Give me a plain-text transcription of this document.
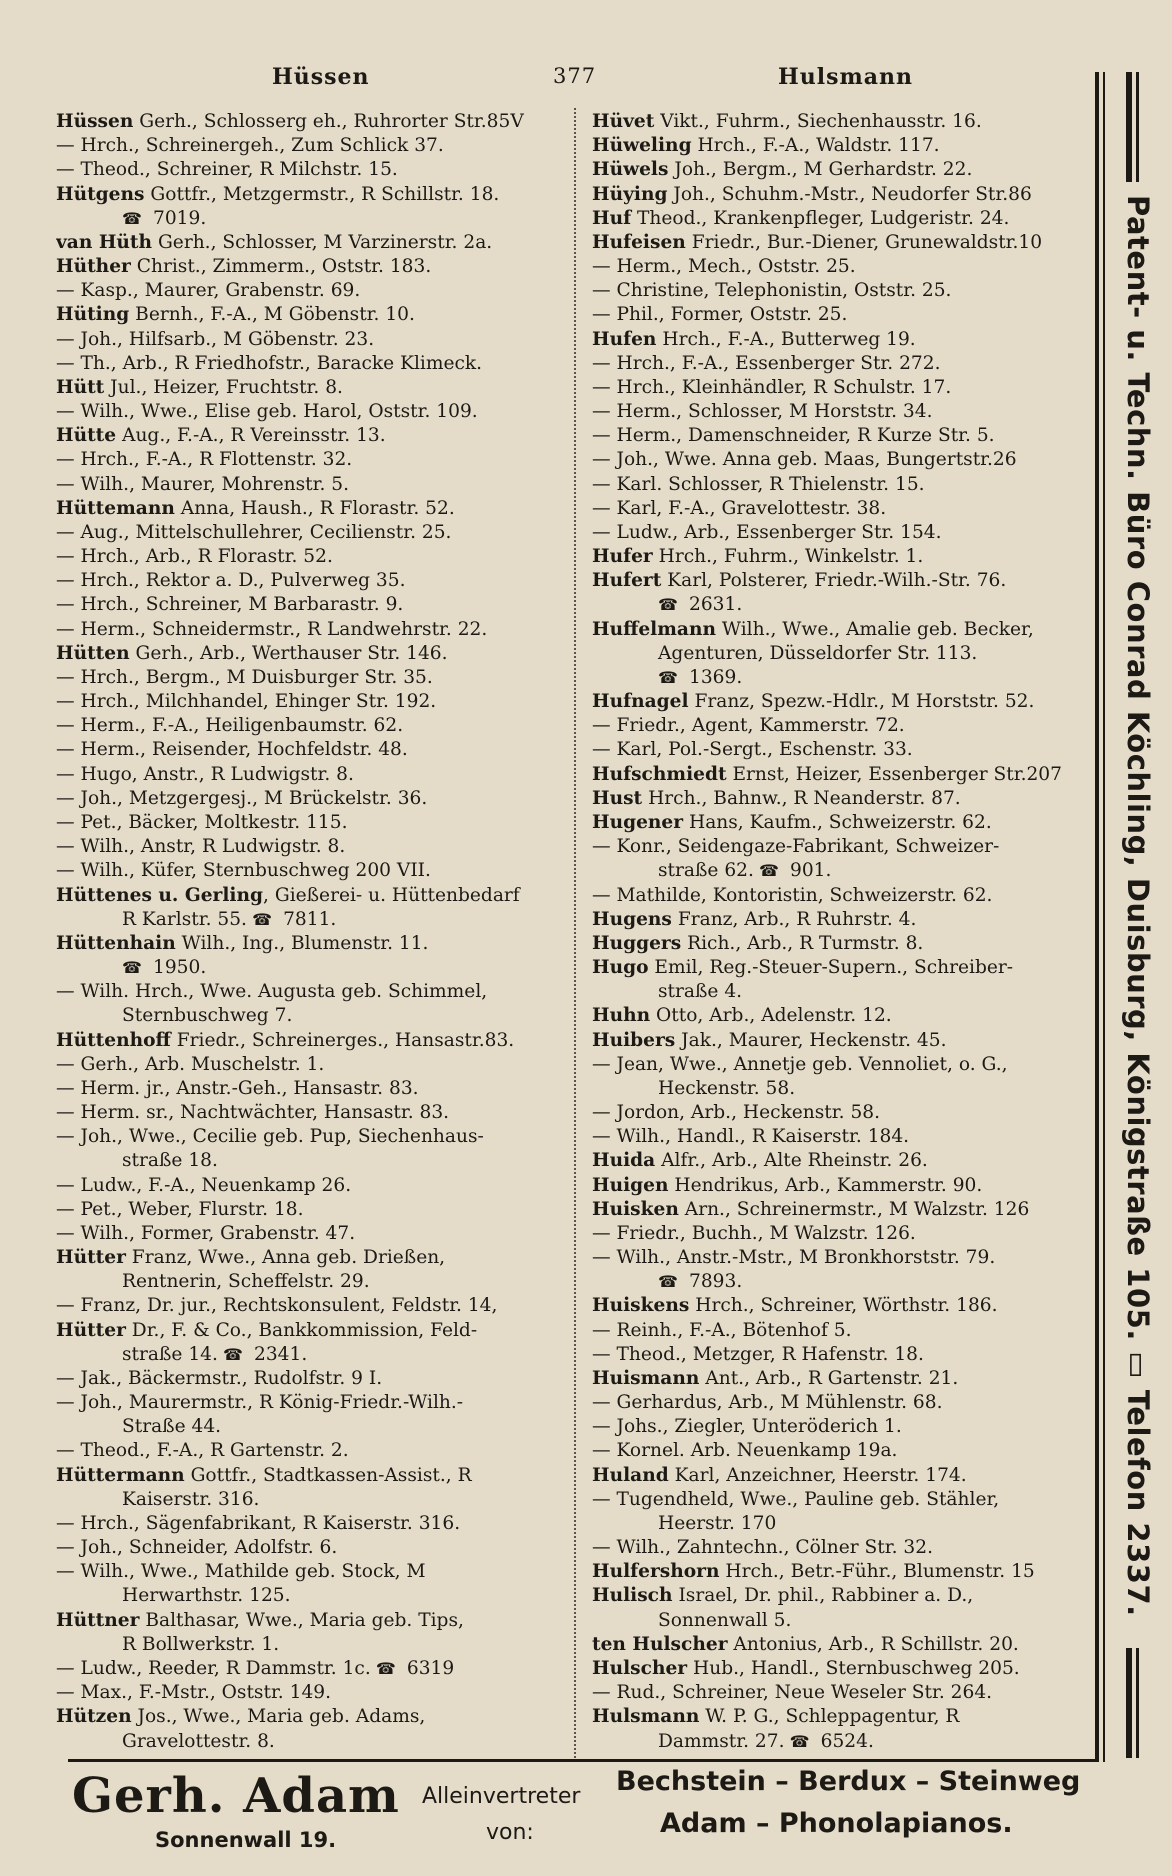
Hüssen	377	Hulsmann
Hüssen Gerh., Schlosserg eh., Ruhrorter Str.85V
— Hrch., Schreinergeh., Zum Schlick 37.
— Theod., Schreiner, R Milchstr. 15.
Hütgens Gottfr., Metzgermstr., R Schillstr. 18.
☎ 7019.
van Hüth Gerh., Schlosser, M Varzinerstr. 2a.
Hüther Christ., Zimmerm., Oststr. 183.
— Kasp., Maurer, Grabenstr. 69.
Hüting Bernh., F.-A., M Göbenstr. 10.
— Joh., Hilfsarb., M Göbenstr. 23.
— Th., Arb., R Friedhofstr., Baracke Klimeck.
Hütt Jul., Heizer, Fruchtstr. 8.
— Wilh., Wwe., Elise geb. Harol, Oststr. 109.
Hütte Aug., F.-A., R Vereinsstr. 13.
— Hrch., F.-A., R Flottenstr. 32.
— Wilh., Maurer, Mohrenstr. 5.
Hüttemann Anna, Haush., R Florastr. 52.
— Aug., Mittelschullehrer, Cecilienstr. 25.
— Hrch., Arb., R Florastr. 52.
— Hrch., Rektor a. D., Pulverweg 35.
— Hrch., Schreiner, M Barbarastr. 9.
— Herm., Schneidermstr., R Landwehrstr. 22.
Hütten Gerh., Arb., Werthauser Str. 146.
— Hrch., Bergm., M Duisburger Str. 35.
— Hrch., Milchhandel, Ehinger Str. 192.
— Herm., F.-A., Heiligenbaumstr. 62.
— Herm., Reisender, Hochfeldstr. 48.
— Hugo, Anstr., R Ludwigstr. 8.
— Joh., Metzgergesj., M Brückelstr. 36.
— Pet., Bäcker, Moltkestr. 115.
— Wilh., Anstr, R Ludwigstr. 8.
— Wilh., Küfer, Sternbuschweg 200 VII.
Hüttenes u. Gerling, Gießerei- u. Hüttenbedarf
R Karlstr. 55. ☎ 7811.
Hüttenhain Wilh., Ing., Blumenstr. 11.
☎ 1950.
— Wilh. Hrch., Wwe. Augusta geb. Schimmel,
Sternbuschweg 7.
Hüttenhoff Friedr., Schreinerges., Hansastr.83.
— Gerh., Arb. Muschelstr. 1.
— Herm. jr., Anstr.-Geh., Hansastr. 83.
— Herm. sr., Nachtwächter, Hansastr. 83.
— Joh., Wwe., Cecilie geb. Pup, Siechenhaus-
straße 18.
— Ludw., F.-A., Neuenkamp 26.
— Pet., Weber, Flurstr. 18.
— Wilh., Former, Grabenstr. 47.
Hütter Franz, Wwe., Anna geb. Drießen,
Rentnerin, Scheffelstr. 29.
— Franz, Dr. jur., Rechtskonsulent, Feldstr. 14,
Hütter Dr., F. & Co., Bankkommission, Feld-
straße 14. ☎ 2341.
— Jak., Bäckermstr., Rudolfstr. 9 I.
— Joh., Maurermstr., R König-Friedr.-Wilh.-
Straße 44.
— Theod., F.-A., R Gartenstr. 2.
Hüttermann Gottfr., Stadtkassen-Assist., R
Kaiserstr. 316.
— Hrch., Sägenfabrikant, R Kaiserstr. 316.
— Joh., Schneider, Adolfstr. 6.
— Wilh., Wwe., Mathilde geb. Stock, M
Herwarthstr. 125.
Hüttner Balthasar, Wwe., Maria geb. Tips,
R Bollwerkstr. 1.
— Ludw., Reeder, R Dammstr. 1c. ☎ 6319
— Max., F.-Mstr., Oststr. 149.
Hützen Jos., Wwe., Maria geb. Adams,
Gravelottestr. 8.
Hüvet Vikt., Fuhrm., Siechenhausstr. 16.
Hüweling Hrch., F.-A., Waldstr. 117.
Hüwels Joh., Bergm., M Gerhardstr. 22.
Hüying Joh., Schuhm.-Mstr., Neudorfer Str.86
Huf Theod., Krankenpfleger, Ludgeristr. 24.
Hufeisen Friedr., Bur.-Diener, Grunewaldstr.10
— Herm., Mech., Oststr. 25.
— Christine, Telephonistin, Oststr. 25.
— Phil., Former, Oststr. 25.
Hufen Hrch., F.-A., Butterweg 19.
— Hrch., F.-A., Essenberger Str. 272.
— Hrch., Kleinhändler, R Schulstr. 17.
— Herm., Schlosser, M Horststr. 34.
— Herm., Damenschneider, R Kurze Str. 5.
— Joh., Wwe. Anna geb. Maas, Bungertstr.26
— Karl. Schlosser, R Thielenstr. 15.
— Karl, F.-A., Gravelottestr. 38.
— Ludw., Arb., Essenberger Str. 154.
Hufer Hrch., Fuhrm., Winkelstr. 1.
Hufert Karl, Polsterer, Friedr.-Wilh.-Str. 76.
☎ 2631.
Huffelmann Wilh., Wwe., Amalie geb. Becker,
Agenturen, Düsseldorfer Str. 113.
☎ 1369.
Hufnagel Franz, Spezw.-Hdlr., M Horststr. 52.
— Friedr., Agent, Kammerstr. 72.
— Karl, Pol.-Sergt., Eschenstr. 33.
Hufschmiedt Ernst, Heizer, Essenberger Str.207
Hust Hrch., Bahnw., R Neanderstr. 87.
Hugener Hans, Kaufm., Schweizerstr. 62.
— Konr., Seidengaze-Fabrikant, Schweizer-
straße 62. ☎ 901.
— Mathilde, Kontoristin, Schweizerstr. 62.
Hugens Franz, Arb., R Ruhrstr. 4.
Huggers Rich., Arb., R Turmstr. 8.
Hugo Emil, Reg.-Steuer-Supern., Schreiber-
straße 4.
Huhn Otto, Arb., Adelenstr. 12.
Huibers Jak., Maurer, Heckenstr. 45.
— Jean, Wwe., Annetje geb. Vennoliet, o. G.,
Heckenstr. 58.
— Jordon, Arb., Heckenstr. 58.
— Wilh., Handl., R Kaiserstr. 184.
Huida Alfr., Arb., Alte Rheinstr. 26.
Huigen Hendrikus, Arb., Kammerstr. 90.
Huisken Arn., Schreinermstr., M Walzstr. 126
— Friedr., Buchh., M Walzstr. 126.
— Wilh., Anstr.-Mstr., M Bronkhorststr. 79.
☎ 7893.
Huiskens Hrch., Schreiner, Wörthstr. 186.
— Reinh., F.-A., Bötenhof 5.
— Theod., Metzger, R Hafenstr. 18.
Huismann Ant., Arb., R Gartenstr. 21.
— Gerhardus, Arb., M Mühlenstr. 68.
— Johs., Ziegler, Unteröderich 1.
— Kornel. Arb. Neuenkamp 19a.
Huland Karl, Anzeichner, Heerstr. 174.
— Tugendheld, Wwe., Pauline geb. Stähler,
Heerstr. 170
— Wilh., Zahntechn., Cölner Str. 32.
Hulfershorn Hrch., Betr.-Führ., Blumenstr. 15
Hulisch Israel, Dr. phil., Rabbiner a. D.,
Sonnenwall 5.
ten Hulscher Antonius, Arb., R Schillstr. 20.
Hulscher Hub., Handl., Sternbuschweg 205.
— Rud., Schreiner, Neue Weseler Str. 264.
Hulsmann W. P. G., Schleppagentur, R
Dammstr. 27. ☎ 6524.
Patent- u. Techn. Büro Conrad Köchling, Duisburg, Königstraße 105. ▭ Telefon 2337.
Gerh. Adam
Sonnenwall 19.
Alleinvertreter
von:
Bechstein – Berdux – Steinweg
Adam – Phonolapianos.
